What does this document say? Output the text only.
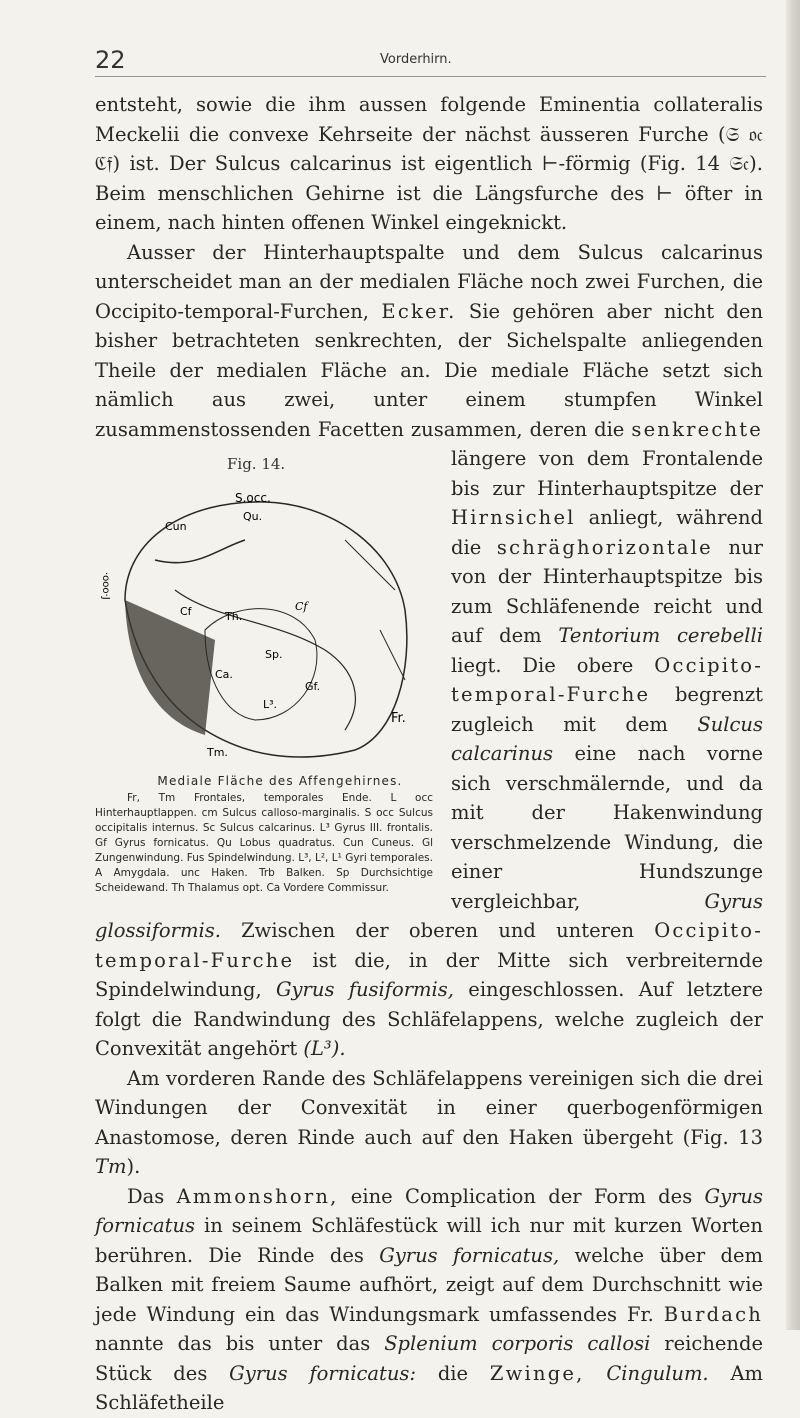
22	Vorderhirn.

entsteht, sowie die ihm aussen folgende Eminentia collateralis Meckelii die convexe Kehrseite der nächst äusseren Furche (𝔖 𝔬𝔠 ℭ𝔣) ist. Der Sulcus calcarinus ist eigentlich ⊢-förmig (Fig. 14 𝔖𝔠). Beim menschlichen Gehirne ist die Längsfurche des ⊢ öfter in einem, nach hinten offenen Winkel eingeknickt.

Ausser der Hinterhauptspalte und dem Sulcus calcarinus unterscheidet man an der medialen Fläche noch zwei Furchen, die Occipito-temporal-Furchen, Ecker. Sie gehören aber nicht den bisher betrachteten senkrechten, der Sichelspalte anliegenden Theile der medialen Fläche an. Die mediale Fläche setzt sich nämlich aus zwei, unter einem stumpfen Winkel zusammenstossenden Facetten zusammen, deren die
Fig. 14.
S.occ.
Qu.
Cun
Cf
Cf	Th.
Sp.
Ca.
Gf.
L³.
Tm.
Fr.
·ooo·J
Mediale Fläche des Affengehirnes.
Fr, Tm Frontales, temporales Ende. L occ Hinterhauptlappen. cm Sulcus calloso-marginalis. S occ Sulcus occipitalis internus. Sc Sulcus calcarinus. L³ Gyrus III. frontalis. Gf Gyrus fornicatus. Qu Lobus quadratus. Cun Cuneus. Gl Zungenwindung. Fus Spindelwindung. L³, L², L¹ Gyri temporales. A Amygdala. unc Haken. Trb Balken. Sp Durchsichtige Scheidewand. Th Thalamus opt. Ca Vordere Commissur.
senkrechte längere von dem Frontalende bis zur Hinterhauptspitze der Hirnsichel anliegt, während die schräghorizontale nur von der Hinterhauptspitze bis zum Schläfenende reicht und auf dem Tentorium cerebelli liegt. Die obere Occipito-temporal-Furche begrenzt zugleich mit dem Sulcus calcarinus eine nach vorne sich verschmälernde, und da mit der Hakenwindung verschmelzende Windung, die einer Hundszunge vergleichbar,	Gyrus glossiformis. Zwischen der oberen und unteren Occipito-temporal-Furche ist die, in der Mitte sich verbreiternde Spindelwindung, Gyrus fusiformis, eingeschlossen. Auf letztere folgt die Randwindung des Schläfelappens, welche zugleich der Convexität angehört (L³).

Am vorderen Rande des Schläfelappens vereinigen sich die drei Windungen der Convexität in einer querbogenförmigen Anastomose, deren Rinde auch auf den Haken übergeht (Fig. 13 Tm).

Das Ammonshorn, eine Complication der Form des Gyrus fornicatus in seinem Schläfestück will ich nur mit kurzen Worten berühren. Die Rinde des Gyrus fornicatus, welche über dem Balken mit freiem Saume aufhört, zeigt auf dem Durchschnitt wie jede Windung ein das Windungsmark umfassendes Fr. Burdach nannte das bis unter das Splenium corporis callosi reichende Stück des Gyrus fornicatus: die Zwinge, Cingulum. Am Schläfetheile
